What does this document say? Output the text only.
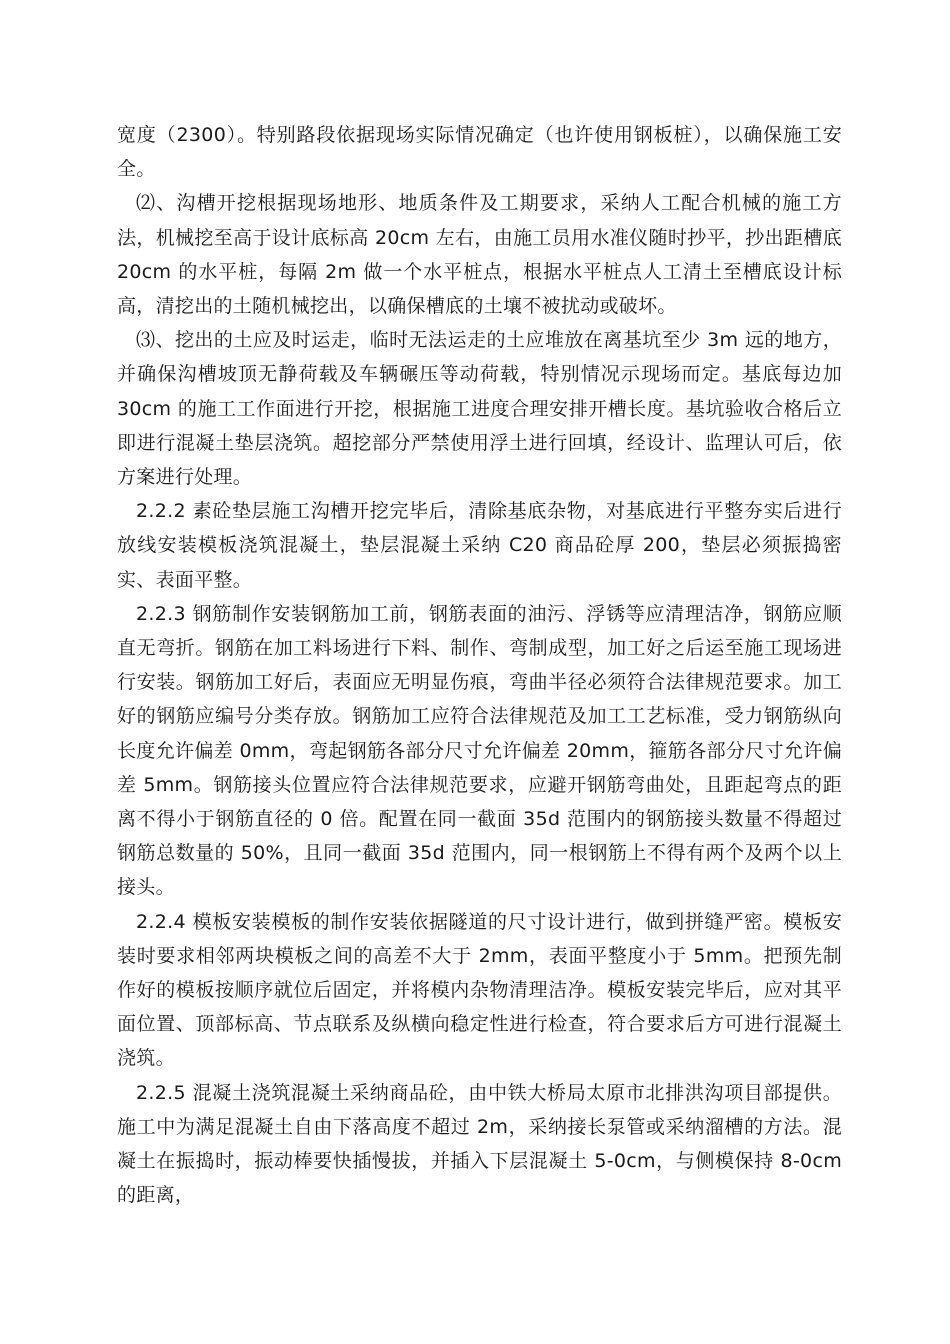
宽度（2300）。特别路段依据现场实际情况确定（也许使用钢板桩），以确保施工安全。

⑵、沟槽开挖根据现场地形、地质条件及工期要求，采纳人工配合机械的施工方法，机械挖至高于设计底标高 20cm 左右，由施工员用水准仪随时抄平，抄出距槽底 20cm 的水平桩，每隔 2m 做一个水平桩点，根据水平桩点人工清土至槽底设计标高，清挖出的土随机械挖出，以确保槽底的土壤不被扰动或破坏。

⑶、挖出的土应及时运走，临时无法运走的土应堆放在离基坑至少 3m 远的地方，并确保沟槽坡顶无静荷载及车辆碾压等动荷载，特别情况示现场而定。基底每边加 30cm 的施工工作面进行开挖，根据施工进度合理安排开槽长度。基坑验收合格后立即进行混凝土垫层浇筑。超挖部分严禁使用浮土进行回填，经设计、监理认可后，依方案进行处理。

2.2.2 素砼垫层施工沟槽开挖完毕后，清除基底杂物，对基底进行平整夯实后进行放线安装模板浇筑混凝土，垫层混凝土采纳 C20 商品砼厚 200，垫层必须振捣密实、表面平整。

2.2.3 钢筋制作安装钢筋加工前，钢筋表面的油污、浮锈等应清理洁净，钢筋应顺直无弯折。钢筋在加工料场进行下料、制作、弯制成型，加工好之后运至施工现场进行安装。钢筋加工好后，表面应无明显伤痕，弯曲半径必须符合法律规范要求。加工好的钢筋应编号分类存放。钢筋加工应符合法律规范及加工工艺标准，受力钢筋纵向长度允许偏差 0mm，弯起钢筋各部分尺寸允许偏差 20mm，箍筋各部分尺寸允许偏差 5mm。钢筋接头位置应符合法律规范要求，应避开钢筋弯曲处，且距起弯点的距离不得小于钢筋直径的 0 倍。配置在同一截面 35d 范围内的钢筋接头数量不得超过钢筋总数量的 50%，且同一截面 35d 范围内，同一根钢筋上不得有两个及两个以上接头。

2.2.4 模板安装模板的制作安装依据隧道的尺寸设计进行，做到拼缝严密。模板安装时要求相邻两块模板之间的高差不大于 2mm，表面平整度小于 5mm。把预先制作好的模板按顺序就位后固定，并将模内杂物清理洁净。模板安装完毕后，应对其平面位置、顶部标高、节点联系及纵横向稳定性进行检查，符合要求后方可进行混凝土浇筑。

2.2.5 混凝土浇筑混凝土采纳商品砼，由中铁大桥局太原市北排洪沟项目部提供。施工中为满足混凝土自由下落高度不超过 2m，采纳接长泵管或采纳溜槽的方法。混凝土在振捣时，振动棒要快插慢拔，并插入下层混凝土 5-0cm，与侧模保持 8-0cm 的距离，
